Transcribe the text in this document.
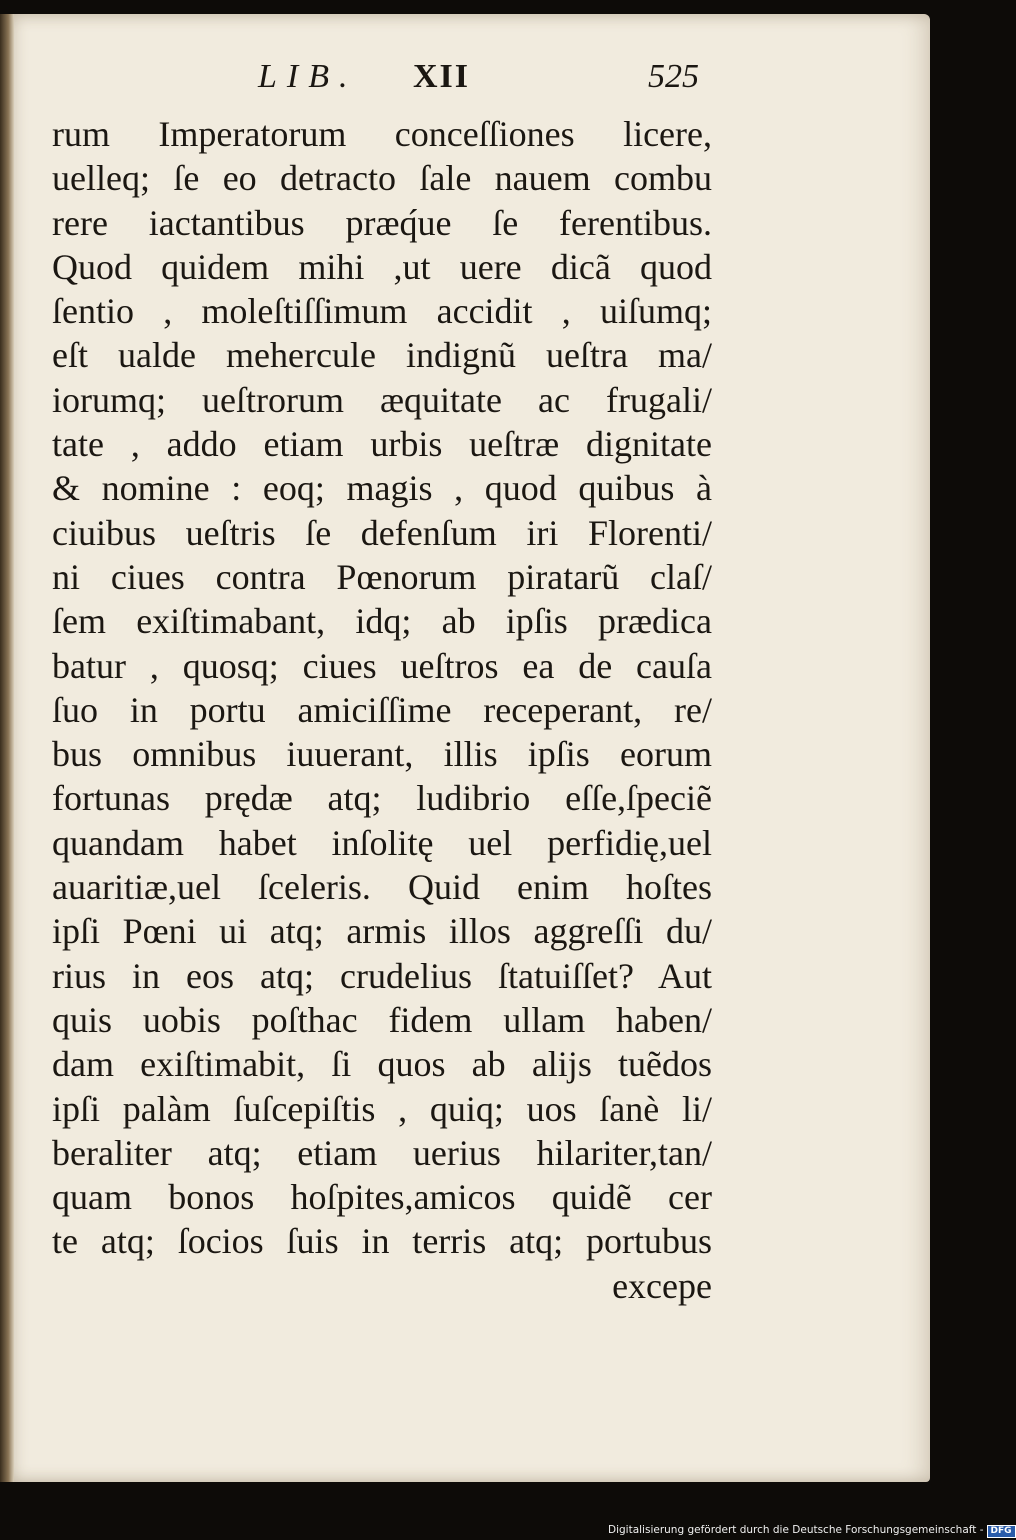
LIB. XII	525
rum Imperatorum conceſſiones licere,
uelleq; ſe eo detracto ſale nauem combu
rere iactantibus præq́ue ſe ferentibus.
Quod quidem mihi ,ut uere dicã quod
ſentio , moleſtiſſimum accidit , uiſumq;
eſt ualde mehercule indignũ ueſtra ma/
iorumq; ueſtrorum æquitate ac frugali/
tate , addo etiam urbis ueſtræ dignitate
& nomine : eoq; magis , quod quibus à
ciuibus ueſtris ſe defenſum iri Florenti/
ni ciues contra Pœnorum piratarũ claſ/
ſem exiſtimabant, idq; ab ipſis prædica
batur , quosq; ciues ueſtros ea de cauſa
ſuo in portu amiciſſime receperant, re/
bus omnibus iuuerant, illis ipſis eorum
fortunas prędæ atq; ludibrio eſſe,ſpeciẽ
quandam habet inſolitę uel perfidię,uel
auaritiæ,uel ſceleris. Quid enim hoſtes
ipſi Pœni ui atq; armis illos aggreſſi du/
rius in eos atq; crudelius ſtatuiſſet? Aut
quis uobis poſthac fidem ullam haben/
dam exiſtimabit, ſi quos ab alijs tuẽdos
ipſi palàm ſuſcepiſtis , quiq; uos ſanè li/
beraliter atq; etiam uerius hilariter,tan/
quam bonos hoſpites,amicos quidẽ cer
te atq; ſocios ſuis in terris atq; portubus
excepe
Digitalisierung gefördert durch die Deutsche Forschungsgemeinschaft - DFG
